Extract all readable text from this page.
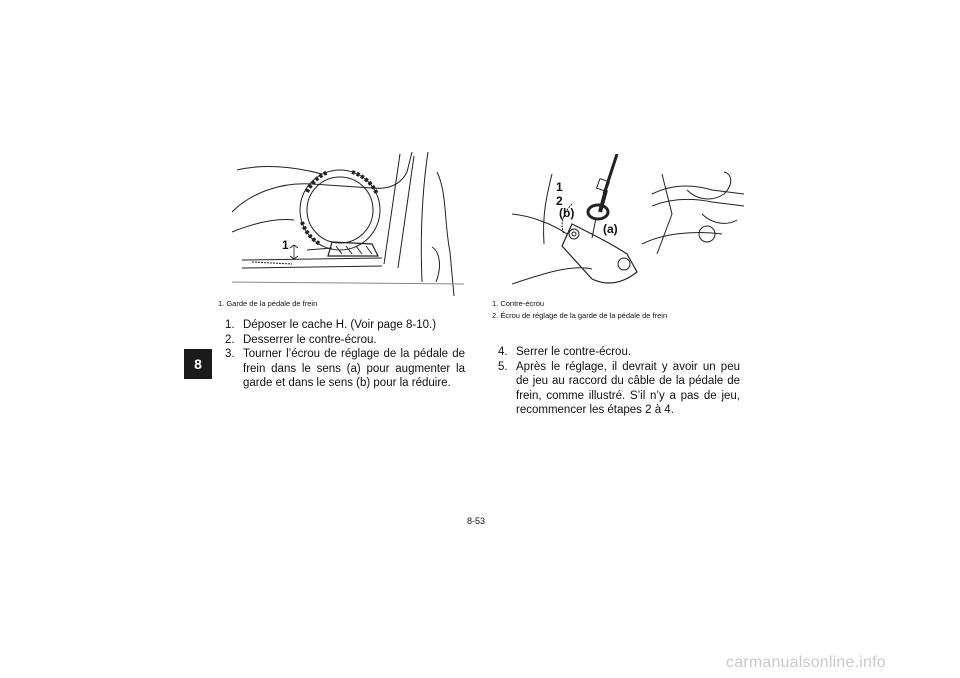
8
1
1. Garde de la pédale de frein
1
2
(b)
(a)
1. Contre-écrou
2. Écrou de réglage de la garde de la pédale de frein
1. Déposer le cache H. (Voir page 8-10.)
2. Desserrer le contre-écrou.
3. Tourner l’écrou de réglage de la pédale de frein dans le sens (a) pour augmenter la garde et dans le sens (b) pour la réduire.
4. Serrer le contre-écrou.
5. Après le réglage, il devrait y avoir un peu de jeu au raccord du câble de la pédale de frein, comme illustré. S’il n’y a pas de jeu, recommencer les étapes 2 à 4.
8-53
carmanualsonline.info
